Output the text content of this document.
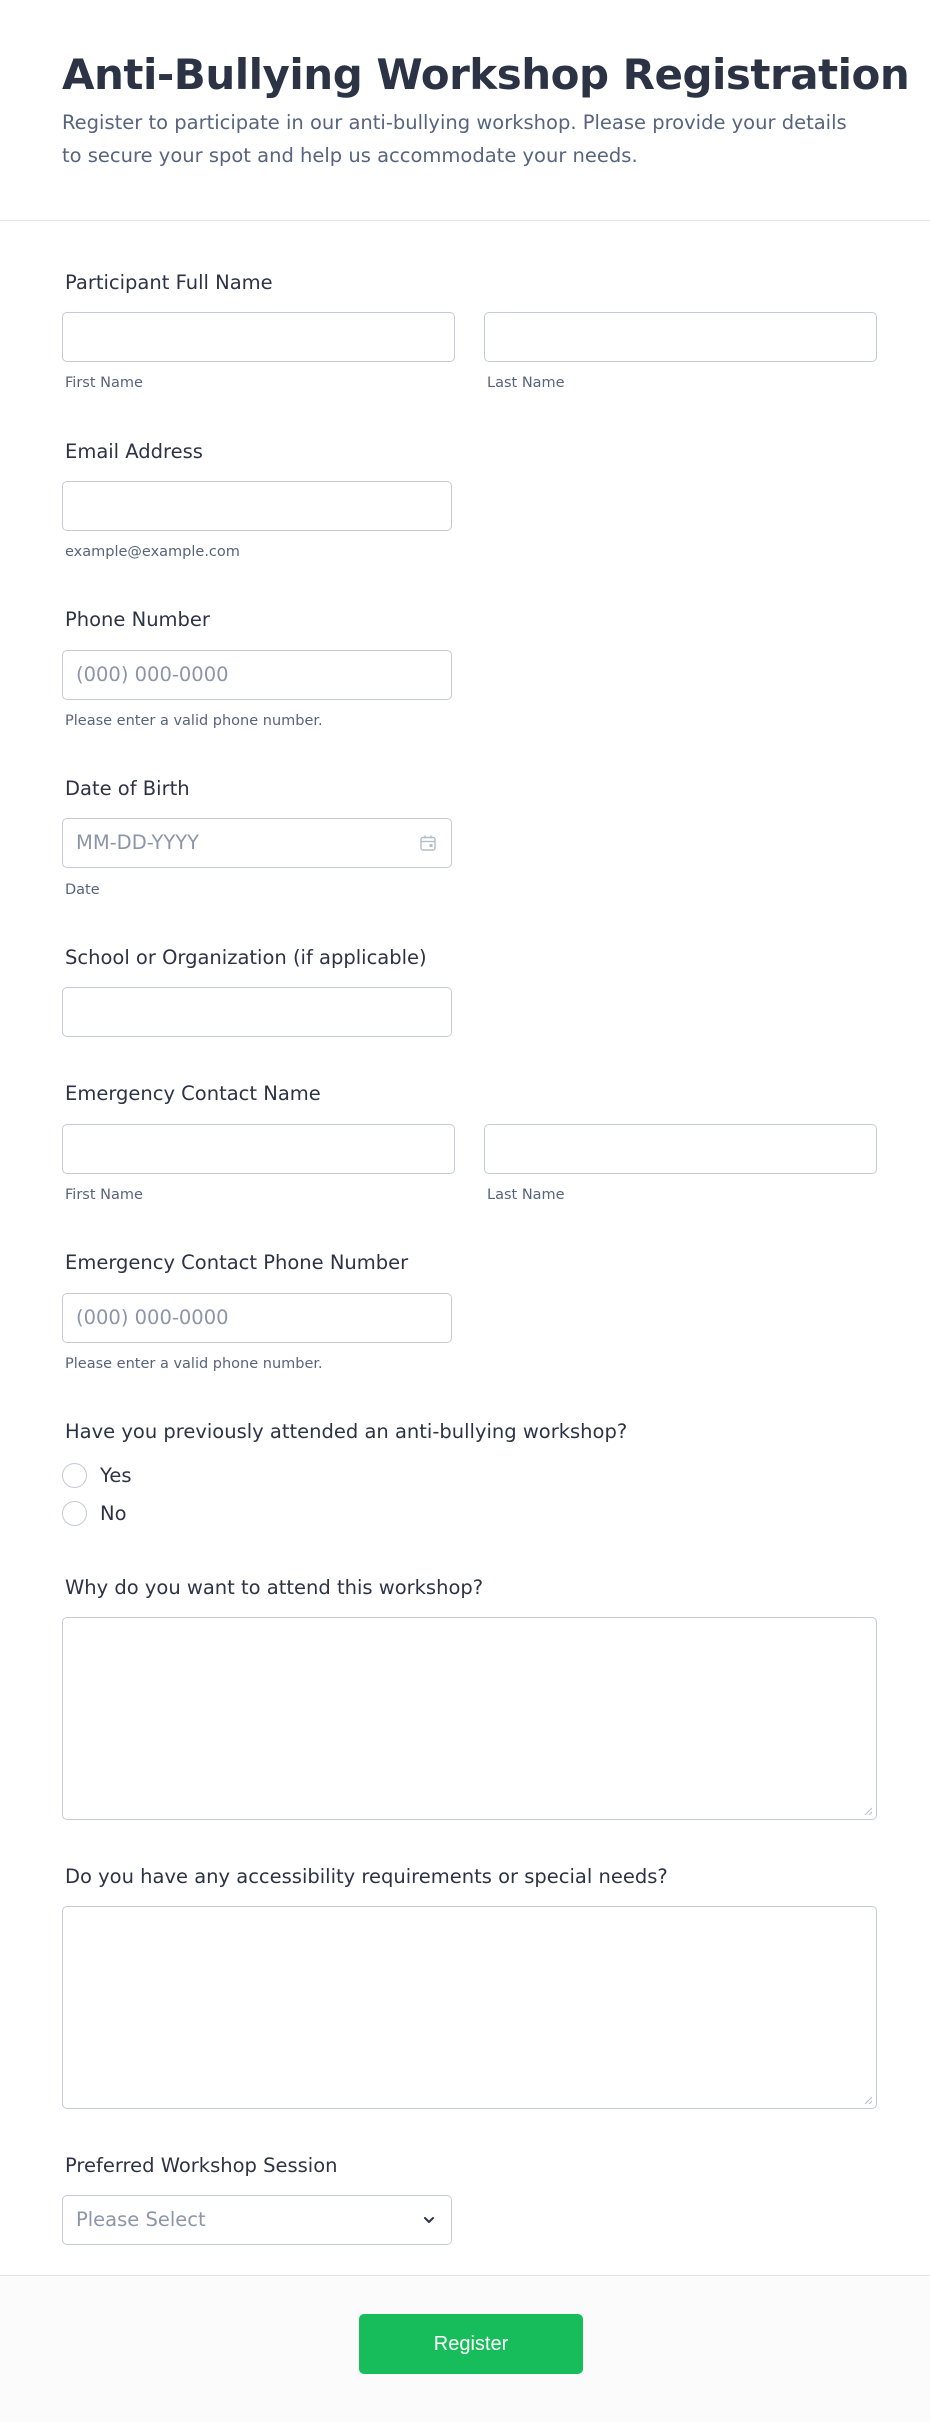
Anti-Bullying Workshop Registration

Register to participate in our anti-bullying workshop. Please provide your details to secure your spot and help us accommodate your needs.

Participant Full Name
First Name	Last Name
Email Address
example@example.com
Phone Number
(000) 000-0000
Please enter a valid phone number.
Date of Birth
MM-DD-YYYY
Date
School or Organization (if applicable)
Emergency Contact Name
First Name	Last Name
Emergency Contact Phone Number
(000) 000-0000
Please enter a valid phone number.
Have you previously attended an anti-bullying workshop?
Yes
No
Why do you want to attend this workshop?
Do you have any accessibility requirements or special needs?
Preferred Workshop Session
Please Select
Register
